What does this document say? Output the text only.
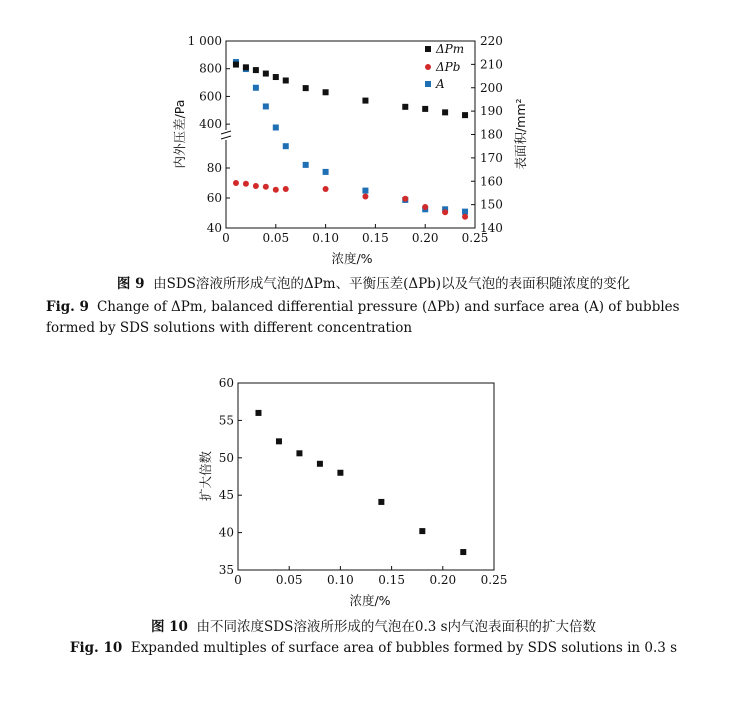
0	0.05 0.10 0.15 0.20 0.25
40
60
80
400
600
800
1 000
140
150
160
170
180
190
200
210
220
ΔPm
ΔPb
A
内外压差/Pa	表面积/mm²
浓度/%
0	0.05 0.10 0.15 0.20 0.25
35
40
45
50
55
60
扩大倍数
浓度/%
图 9 由SDS溶液所形成气泡的ΔPm、平衡压差(ΔPb)以及气泡的表面积随浓度的变化
Fig. 9 Change of ΔPm, balanced differential pressure (ΔPb) and surface area (A) of bubbles formed by SDS solutions with different concentration
图 10 由不同浓度SDS溶液所形成的气泡在0.3 s内气泡表面积的扩大倍数
Fig. 10 Expanded multiples of surface area of bubbles formed by SDS solutions in 0.3 s
